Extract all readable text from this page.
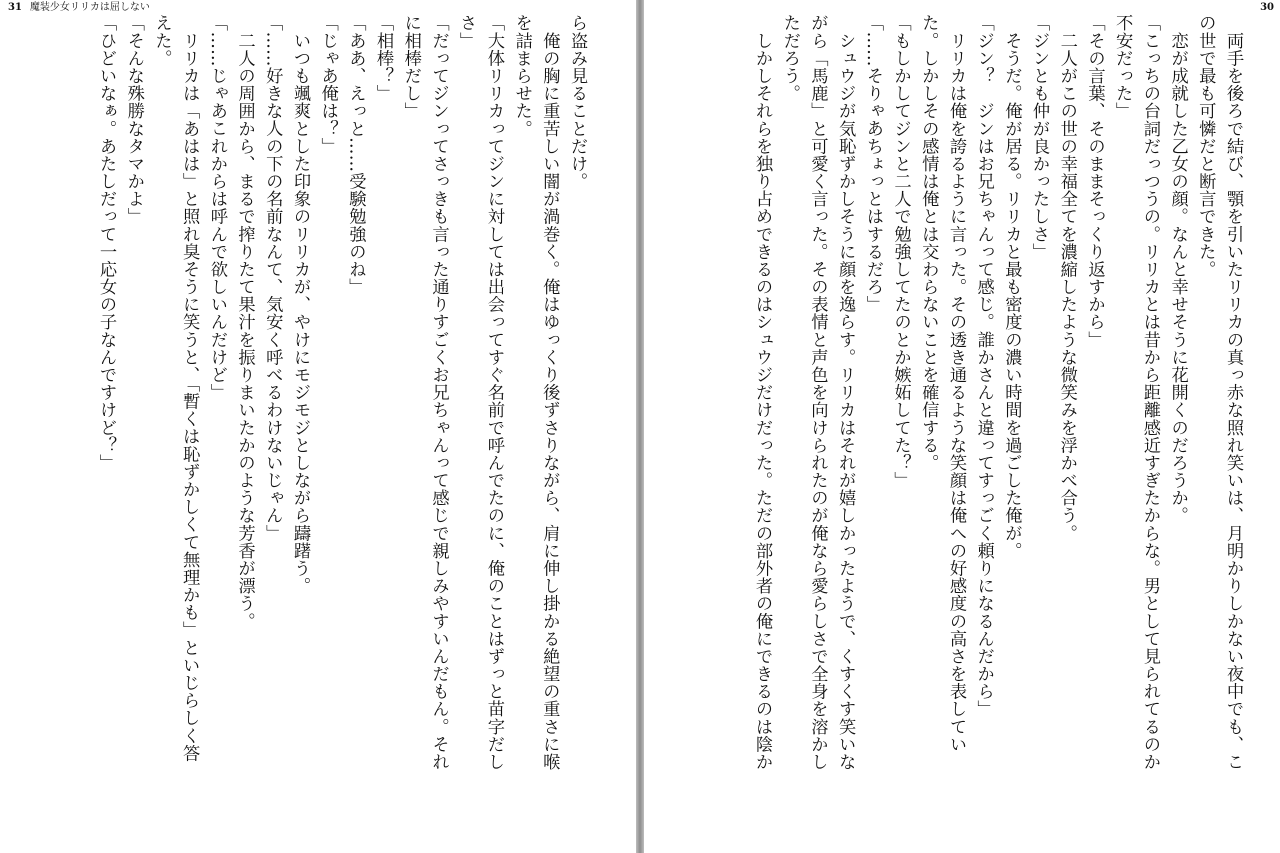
31 魔装少女リリカは屈しない
ら盗み見ることだけ。
　俺の胸に重苦しい闇が渦巻く。俺はゆっくり後ずさりながら、肩に伸し掛かる絶望の重さに喉
を詰まらせた。
「大体リリカってジンに対しては出会ってすぐ名前で呼んでたのに、俺のことはずっと苗字だし
さ」
「だってジンってさっきも言った通りすごくお兄ちゃんって感じで親しみやすいんだもん。それ
に相棒だし」
「相棒？」
「ああ、えっと……受験勉強のね」
「じゃあ俺は？」
　いつも颯爽とした印象のリリカが、やけにモジモジとしながら躊躇う。
「……好きな人の下の名前なんて、気安く呼べるわけないじゃん」
　二人の周囲から、まるで搾りたて果汁を振りまいたかのような芳香が漂う。
「……じゃあこれからは呼んで欲しいんだけど」
　リリカは「あはは」と照れ臭そうに笑うと、「暫くは恥ずかしくて無理かも」といじらしく答
えた。
「そんな殊勝なタマかよ」
「ひどいなぁ。あたしだって一応女の子なんですけど？」
30
　両手を後ろで結び、顎を引いたリリカの真っ赤な照れ笑いは、月明かりしかない夜中でも、こ
の世で最も可憐だと断言できた。
　恋が成就した乙女の顔。なんと幸せそうに花開くのだろうか。
「こっちの台詞だっつうの。リリカとは昔から距離感近すぎたからな。男として見られてるのか
不安だった」
「その言葉、そのままそっくり返すから」
　二人がこの世の幸福全てを濃縮したような微笑みを浮かべ合う。
「ジンとも仲が良かったしさ」
　そうだ。俺が居る。リリカと最も密度の濃い時間を過ごした俺が。
「ジン？　ジンはお兄ちゃんって感じ。誰かさんと違ってすっごく頼りになるんだから」
　リリカは俺を誇るように言った。その透き通るような笑顔は俺への好感度の高さを表してい
た。しかしその感情は俺とは交わらないことを確信する。
「もしかしてジンと二人で勉強してたのとか嫉妬してた？」
「……そりゃあちょっとはするだろ」
　シュウジが気恥ずかしそうに顔を逸らす。リリカはそれが嬉しかったようで、くすくす笑いな
がら「馬鹿」と可愛く言った。その表情と声色を向けられたのが俺なら愛らしさで全身を溶かし
ただろう。
　しかしそれらを独り占めできるのはシュウジだけだった。ただの部外者の俺にできるのは陰か
